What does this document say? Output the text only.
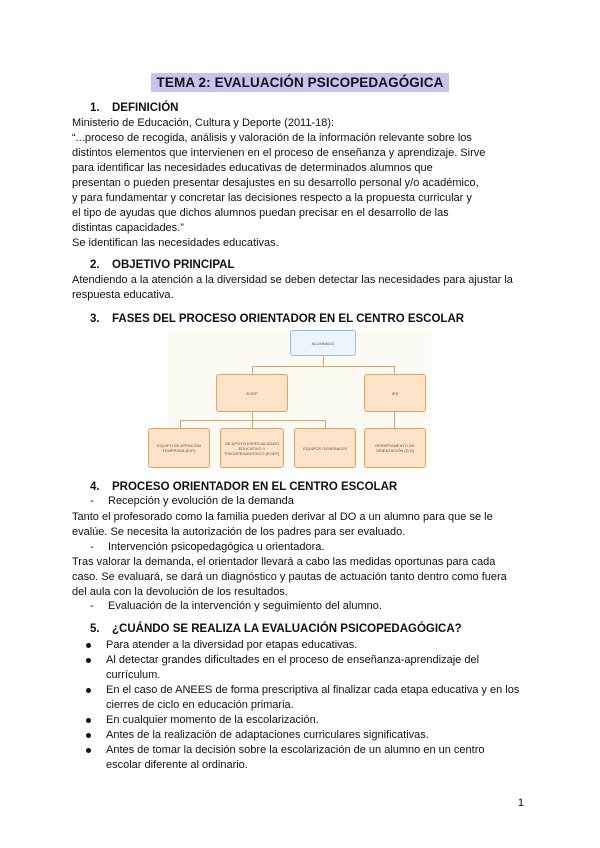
TEMA 2: EVALUACIÓN PSICOPEDAGÓGICA
1. DEFINICIÓN
Ministerio de Educación, Cultura y Deporte (2011-18):
“...proceso de recogida, análisis y valoración de la información relevante sobre los
distintos elementos que intervienen en el proceso de enseñanza y aprendizaje. Sirve
para identificar las necesidades educativas de determinados alumnos que
presentan o pueden presentar desajustes en su desarrollo personal y/o académico,
y para fundamentar y concretar las decisiones respecto a la propuesta curricular y
el tipo de ayudas que dichos alumnos puedan precisar en el desarrollo de las
distintas capacidades.”
Se identifican las necesidades educativas.
2. OBJETIVO PRINCIPAL
Atendiendo a la atención a la diversidad se deben detectar las necesidades para ajustar la
respuesta educativa.
3. FASES DEL PROCESO ORIENTADOR EN EL CENTRO ESCOLAR
ALUMNADO
EOEP	IES
EQUIPO DE ATENCIÓN TEMPRANA (EAT)
DE APOYO ESPECIALIZADO EDUCATIVO Y PSICOPEDAGÓGICO (EOEP)
EQUIPOS GENERALES	DEPARTAMENTO DE ORIENTACIÓN (D.O)
4. PROCESO ORIENTADOR EN EL CENTRO ESCOLAR
- Recepción y evolución de la demanda
Tanto el profesorado como la familia pueden derivar al DO a un alumno para que se le
evalúe. Se necesita la autorización de los padres para ser evaluado.
- Intervención psicopedagógica u orientadora.
Tras valorar la demanda, el orientador llevará a cabo las medidas oportunas para cada
caso. Se evaluará, se dará un diagnóstico y pautas de actuación tanto dentro como fuera
del aula con la devolución de los resultados.
- Evaluación de la intervención y seguimiento del alumno.
5. ¿CUÁNDO SE REALIZA LA EVALUACIÓN PSICOPEDAGÓGICA?
Para atender a la diversidad por etapas educativas.
Al detectar grandes dificultades en el proceso de enseñanza-aprendizaje del
currículum.
En el caso de ANEES de forma prescriptiva al finalizar cada etapa educativa y en los
cierres de ciclo en educación primaria.
En cualquier momento de la escolarización.
Antes de la realización de adaptaciones curriculares significativas.
Antes de tomar la decisión sobre la escolarización de un alumno en un centro
escolar diferente al ordinario.
1
